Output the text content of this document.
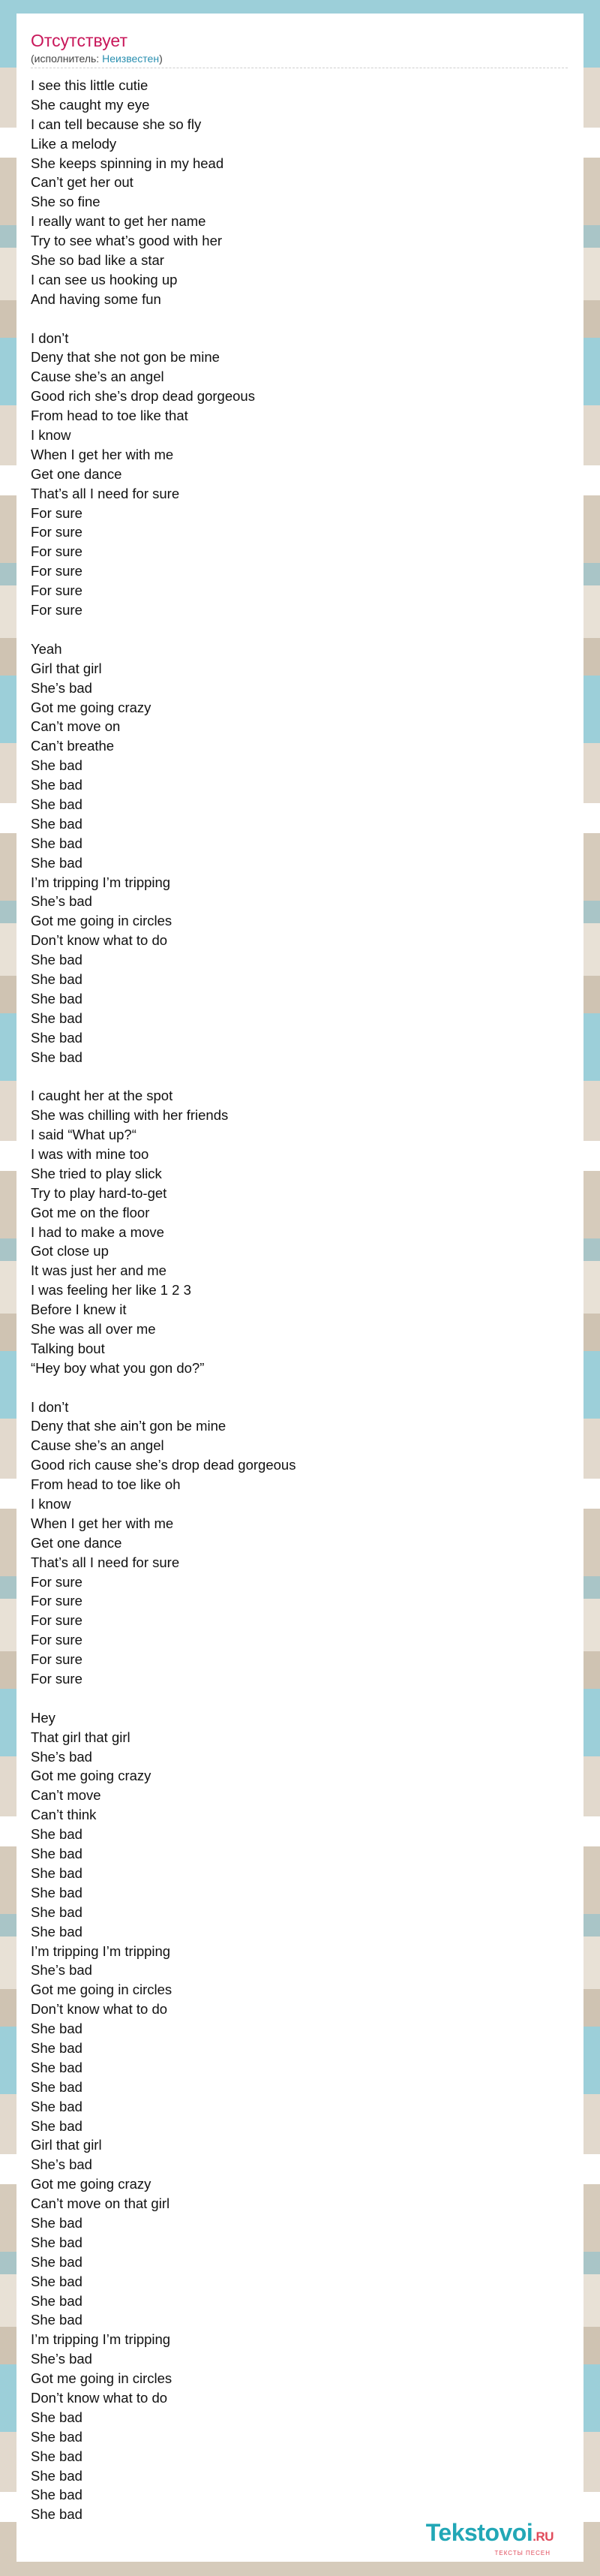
Отсутствует
(исполнитель: Неизвестен)
I see this little cutie
She caught my eye
I can tell because she so fly
Like a melody
She keeps spinning in my head
Can’t get her out
She so fine
I really want to get her name
Try to see what’s good with her
She so bad like a star
I can see us hooking up
And having some fun
I don’t
Deny that she not gon be mine
Cause she’s an angel
Good rich she’s drop dead gorgeous
From head to toe like that
I know
When I get her with me
Get one dance
That’s all I need for sure
For sure
For sure
For sure
For sure
For sure
For sure
Yeah
Girl that girl
She’s bad
Got me going crazy
Can’t move on
Can’t breathe
She bad
She bad
She bad
She bad
She bad
She bad
I’m tripping I’m tripping
She’s bad
Got me going in circles
Don’t know what to do
She bad
She bad
She bad
She bad
She bad
She bad
I caught her at the spot
She was chilling with her friends
I said “What up?“
I was with mine too
She tried to play slick
Try to play hard-to-get
Got me on the floor
I had to make a move
Got close up
It was just her and me
I was feeling her like 1 2 3
Before I knew it
She was all over me
Talking bout
“Hey boy what you gon do?”
I don’t
Deny that she ain’t gon be mine
Cause she’s an angel
Good rich cause she’s drop dead gorgeous
From head to toe like oh
I know
When I get her with me
Get one dance
That’s all I need for sure
For sure
For sure
For sure
For sure
For sure
For sure
Hey
That girl that girl
She’s bad
Got me going crazy
Can’t move
Can’t think
She bad
She bad
She bad
She bad
She bad
She bad
I’m tripping I’m tripping
She’s bad
Got me going in circles
Don’t know what to do
She bad
She bad
She bad
She bad
She bad
She bad
Girl that girl
She’s bad
Got me going crazy
Can’t move on that girl
She bad
She bad
She bad
She bad
She bad
She bad
I’m tripping I’m tripping
She’s bad
Got me going in circles
Don’t know what to do
She bad
She bad
She bad
She bad
She bad
She bad
Tekstovoi.RU
ТЕКСТЫ ПЕСЕН
